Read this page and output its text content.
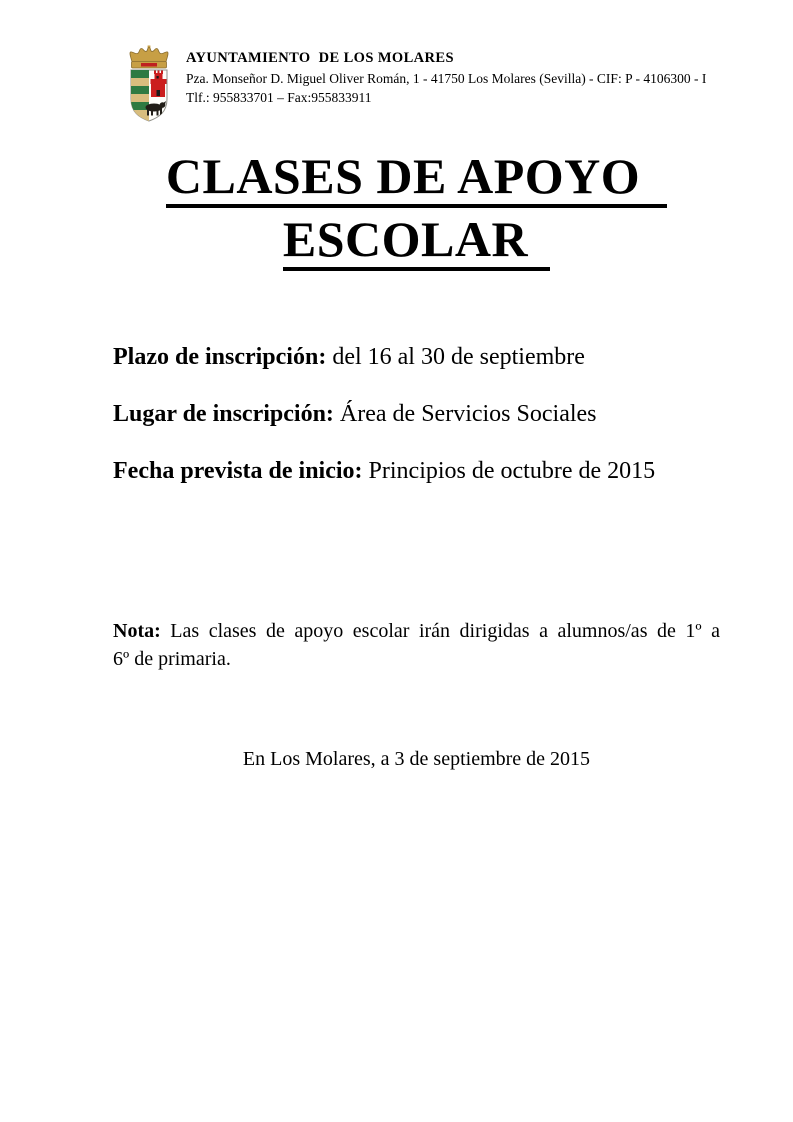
AYUNTAMIENTO  DE LOS MOLARES
Pza. Monseñor D. Miguel Oliver Román, 1 - 41750 Los Molares (Sevilla) - CIF: P - 4106300 - I
Tlf.: 955833701 – Fax:955833911
CLASES DE APOYO
ESCOLAR

Plazo de inscripción: del 16 al 30 de septiembre

Lugar de inscripción: Área de Servicios Sociales

Fecha prevista de inicio: Principios de octubre de 2015

Nota: Las clases de apoyo escolar irán dirigidas a alumnos/as de 1º a
6º de primaria.
En Los Molares, a 3 de septiembre de 2015
